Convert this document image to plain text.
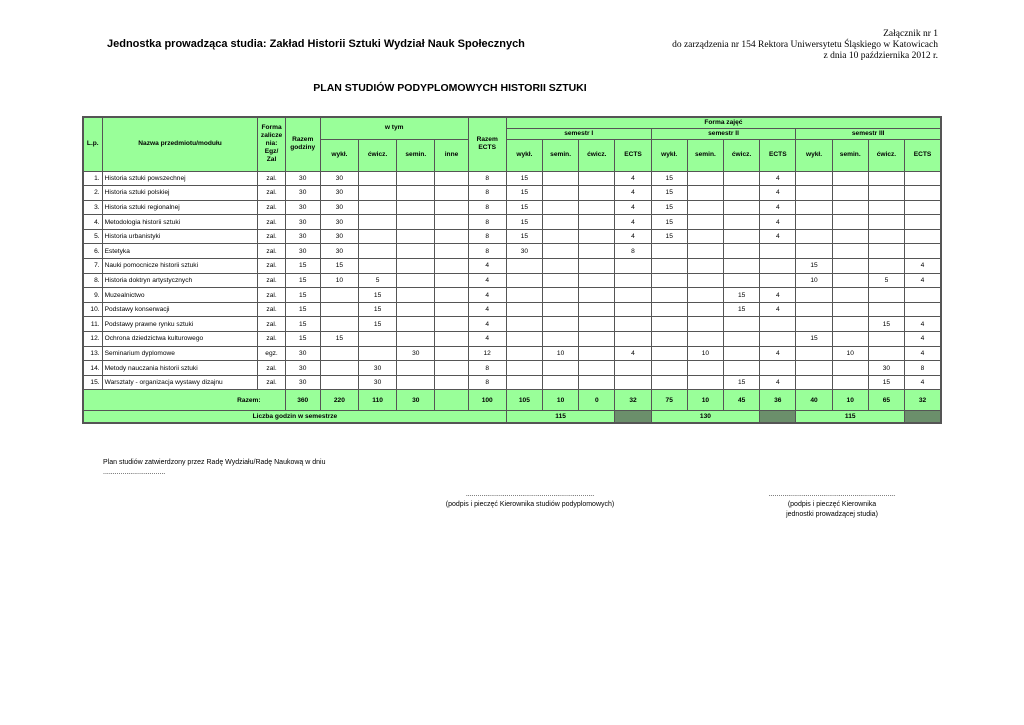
Jednostka prowadząca studia: Zakład Historii Sztuki Wydział Nauk Społecznych
Załącznik nr 1
do zarządzenia nr 154 Rektora Uniwersytetu Śląskiego w Katowicach
z dnia 10 października 2012 r.
PLAN STUDIÓW PODYPLOMOWYCH HISTORII SZTUKI
L.p.	Nazwa przedmiotu/modułu	Forma zalicze nia: Egz/ Zal	Razem godziny	w tym				Razem ECTS	Forma zajęć											
									semestr I				semestr II				semestr III			
				wykł.	ćwicz.	semin.	inne		wykł.	semin.	ćwicz.	ECTS	wykł.	semin.	ćwicz.	ECTS	wykł.	semin.	ćwicz.	ECTS
1.	Historia sztuki powszechnej	zal.	30	30				8	15			4	15			4				
2.	Historia sztuki polskiej	zal.	30	30				8	15			4	15			4				
3.	Historia sztuki regionalnej	zal.	30	30				8	15			4	15			4				
4.	Metodologia historii sztuki	zal.	30	30				8	15			4	15			4				
5.	Historia urbanistyki	zal.	30	30				8	15			4	15			4				
6.	Estetyka	zal.	30	30				8	30			8								
7.	Nauki pomocnicze historii sztuki	zal.	15	15				4									15			4
8.	Historia doktryn artystycznych	zal.	15	10	5			4									10		5	4
9.	Muzealnictwo	zal.	15		15			4							15	4				
10.	Podstawy konserwacji	zal.	15		15			4							15	4				
11.	Podstawy prawne rynku sztuki	zal.	15		15			4											15	4
12.	Ochrona dziedzictwa kulturowego	zal.	15	15				4									15			4
13.	Seminarium dyplomowe	egz.	30			30		12		10		4		10		4		10		4
14.	Metody nauczania historii sztuki	zal.	30		30			8											30	8
15.	Warsztaty - organizacja wystawy dizajnu	zal.	30		30			8							15	4			15	4
Razem:			360	220	110	30		100	105	10	0	32	75	10	45	36	40	10	65	32
Liczba godzin w semestrze									115				130				115			
Plan studiów zatwierdzony przez Radę Wydziału/Radę Naukową w dniu
................................
..................................................................
(podpis i pieczęć Kierownika studiów podyplomowych)
.................................................................
(podpis i pieczęć Kierownika
jednostki prowadzącej studia)
